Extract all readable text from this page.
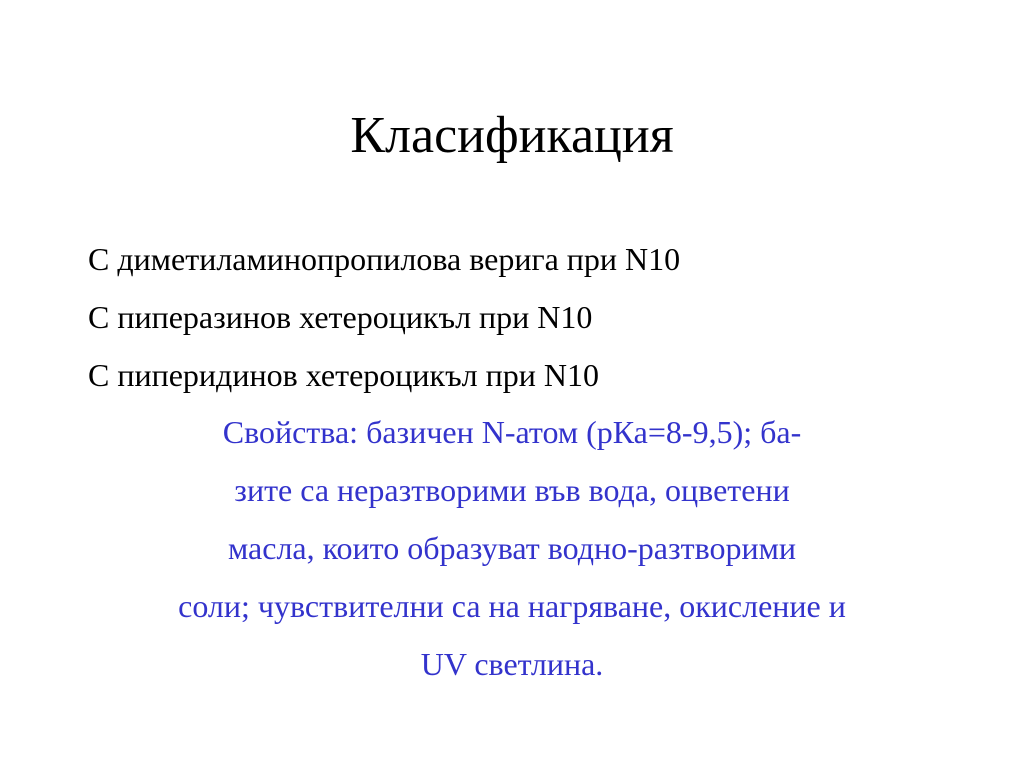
Класификация
С диметиламинопропилова верига при N10
С пиперазинов хетероцикъл при N10
С пиперидинов хетероцикъл при N10
Свойства: базичен N-атом (рКа=8-9,5); ба-
зите са неразтворими във вода, оцветени
масла, които образуват водно-разтворими
соли; чувствителни са на нагряване, окисление и
UV светлина.
